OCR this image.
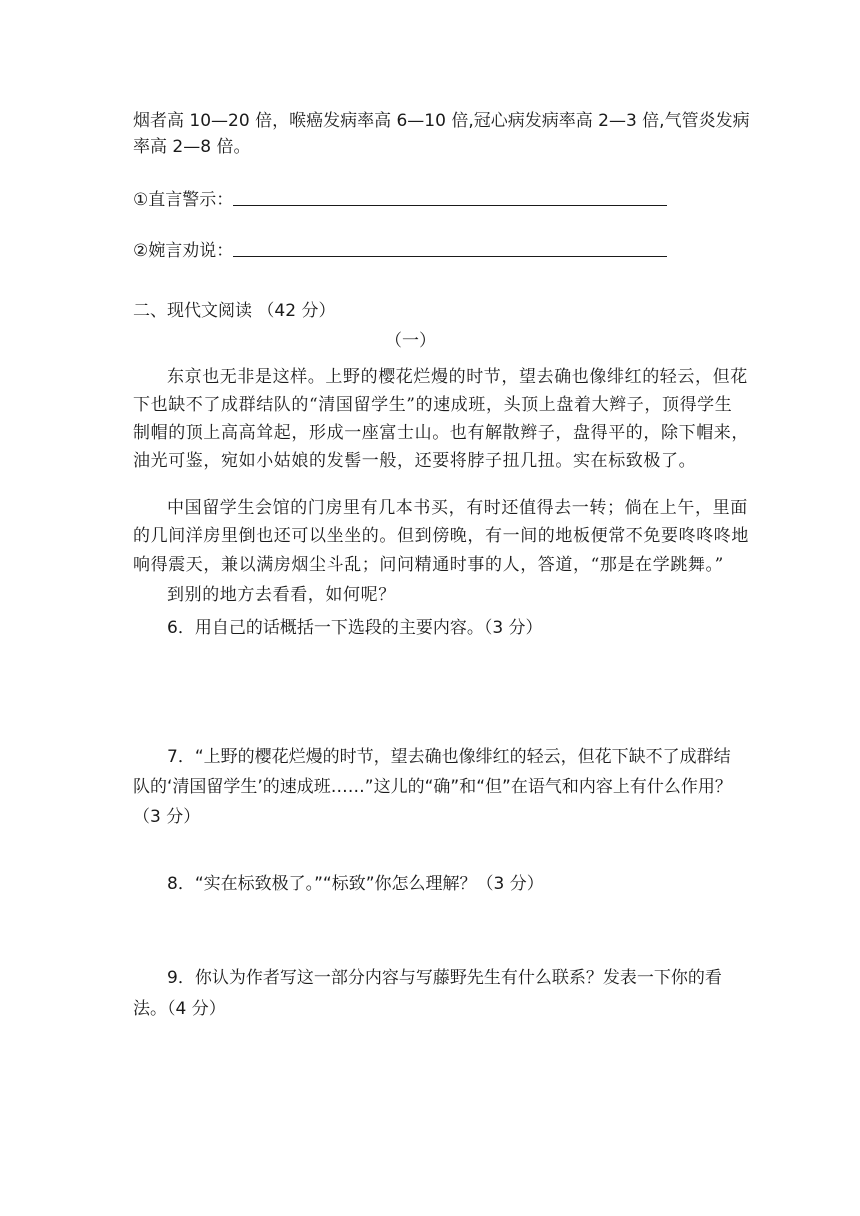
烟者高 10—20 倍，喉癌发病率高 6—10 倍,冠心病发病率高 2—3 倍,气管炎发病
率高 2—8 倍。
①直言警示：
②婉言劝说：
二、现代文阅读 （42 分）
（一）
东京也无非是这样。上野的樱花烂熳的时节，望去确也像绯红的轻云，但花
下也缺不了成群结队的“清国留学生”的速成班，头顶上盘着大辫子，顶得学生
制帽的顶上高高耸起，形成一座富士山。也有解散辫子，盘得平的，除下帽来，
油光可鉴，宛如小姑娘的发髻一般，还要将脖子扭几扭。实在标致极了。
中国留学生会馆的门房里有几本书买，有时还值得去一转；倘在上午，里面
的几间洋房里倒也还可以坐坐的。但到傍晚，有一间的地板便常不免要咚咚咚地
响得震天，兼以满房烟尘斗乱；问问精通时事的人，答道，“那是在学跳舞。”
到别的地方去看看，如何呢？
6．用自己的话概括一下选段的主要内容。（3 分）
7．“上野的樱花烂熳的时节，望去确也像绯红的轻云，但花下缺不了成群结
队的‘清国留学生’的速成班……”这儿的“确”和“但”在语气和内容上有什么作用？
（3 分）
8．“实在标致极了。”“标致”你怎么理解？（3 分）
9．你认为作者写这一部分内容与写藤野先生有什么联系？发表一下你的看
法。（4 分）
